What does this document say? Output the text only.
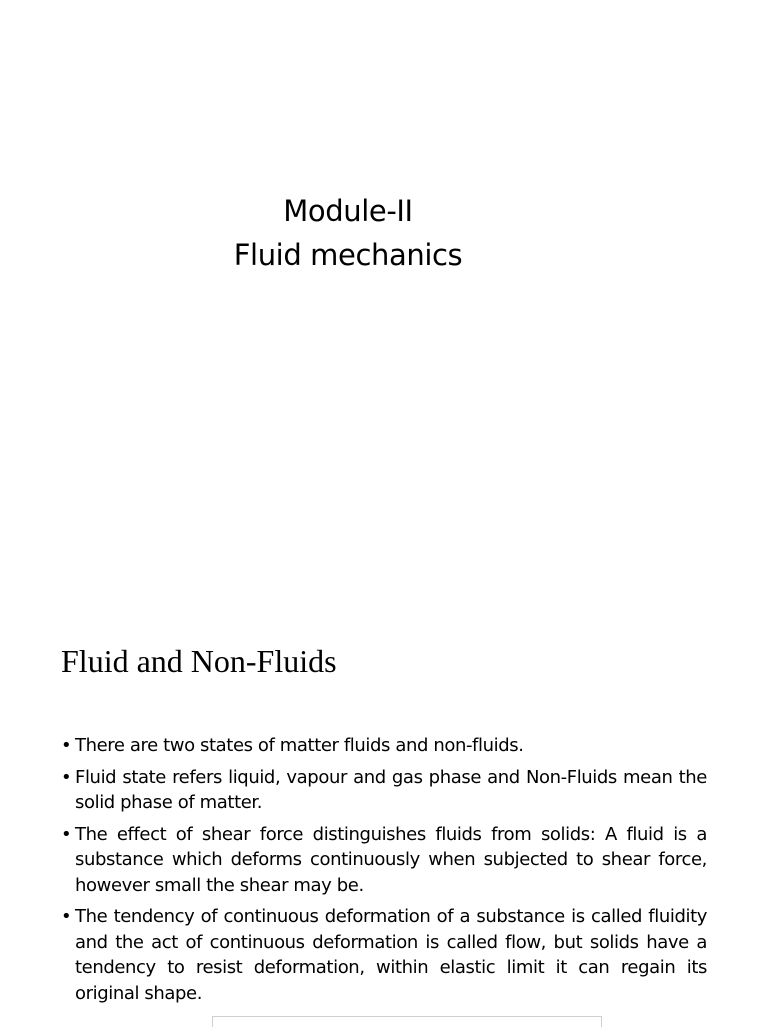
Module-II
Fluid mechanics
Fluid and Non-Fluids
• There are two states of matter fluids and non-fluids.
• Fluid state refers liquid, vapour and gas phase and Non-Fluids mean the solid phase of matter.
• The effect of shear force distinguishes fluids from solids: A fluid is a substance which deforms continuously when subjected to shear force, however small the shear may be.
• The tendency of continuous deformation of a substance is called fluidity and the act of continuous deformation is called flow, but solids have a tendency to resist deformation, within elastic limit it can regain its original shape.
